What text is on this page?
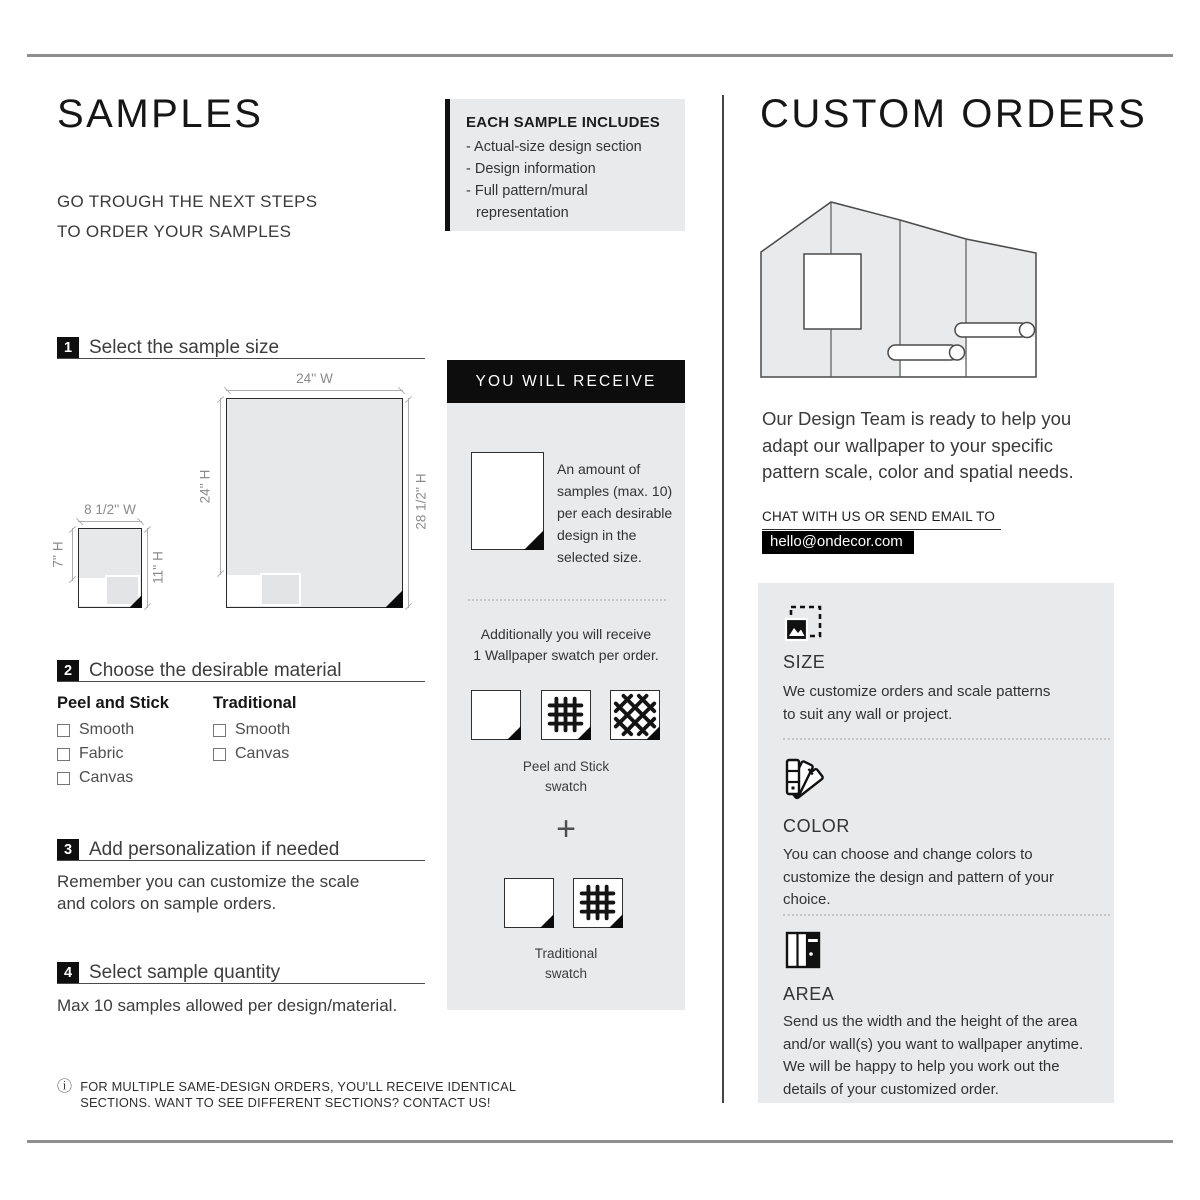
SAMPLES
GO TROUGH THE NEXT STEPS
TO ORDER YOUR SAMPLES
EACH SAMPLE INCLUDES
- Actual-size design section
- Design information
- Full pattern/mural representation
1 Select the sample size
24'' W
24'' H	28 1/2'' H
8 1/2'' W
7'' H	11'' H
2 Choose the desirable material
Peel and Stick
Smooth
Fabric
Canvas
Traditional
Smooth
Canvas
3 Add personalization if needed
Remember you can customize the scale
and colors on sample orders.
4 Select sample quantity
Max 10 samples allowed per design/material.
ⓘ FOR MULTIPLE SAME-DESIGN ORDERS, YOU'LL RECEIVE IDENTICAL
SECTIONS. WANT TO SEE DIFFERENT SECTIONS? CONTACT US!
YOU WILL RECEIVE
An amount of
samples (max. 10)
per each desirable
design in the
selected size.
Additionally you will receive
1 Wallpaper swatch per order.
Peel and Stick
swatch
+
Traditional
swatch
CUSTOM ORDERS
Our Design Team is ready to help you
adapt our wallpaper to your specific
pattern scale, color and spatial needs.
CHAT WITH US OR SEND EMAIL TO
hello@ondecor.com
SIZE
We customize orders and scale patterns
to suit any wall or project.
COLOR
You can choose and change colors to
customize the design and pattern of your
choice.
AREA
Send us the width and the height of the area
and/or wall(s) you want to wallpaper anytime.
We will be happy to help you work out the
details of your customized order.
